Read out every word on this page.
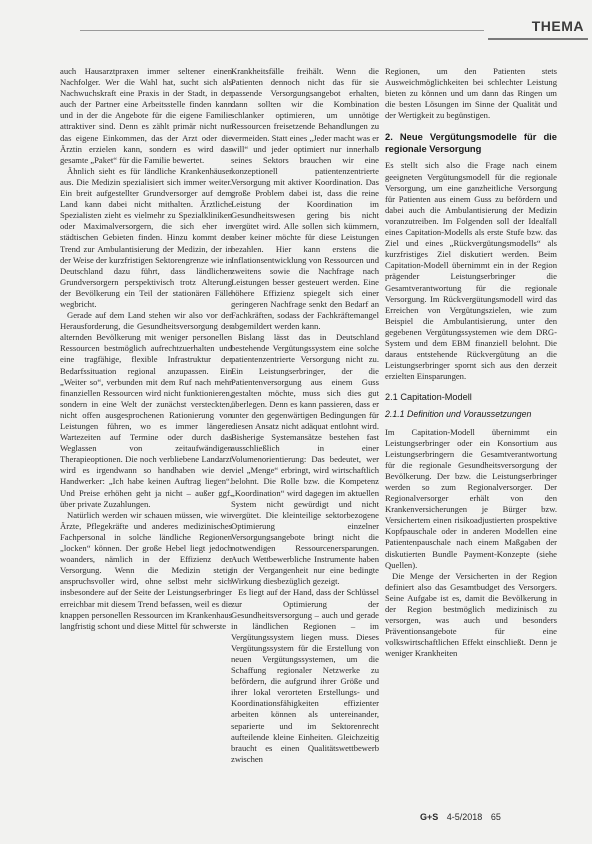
THEMA

auch Hausarztpraxen immer seltener einen Nachfolger. Wer die Wahl hat, sucht sich als Nachwuchskraft eine Praxis in der Stadt, in der auch der Partner eine Arbeitsstelle finden kann und in der die Angebote für die eigene Familie attraktiver sind. Denn es zählt primär nicht nur das eigene Einkommen, das der Arzt oder die Ärztin erzielen kann, sondern es wird das gesamte „Paket“ für die Familie bewertet.

Ähnlich sieht es für ländliche Krankenhäuser aus. Die Medizin spezialisiert sich immer weiter. Ein breit aufgestellter Grundversorger auf dem Land kann dabei nicht mithalten. Ärztliche Spezialisten zieht es vielmehr zu Spezialkliniken oder Maximalversorgern, die sich eher in städtischen Gebieten finden. Hinzu kommt der Trend zur Ambulantisierung der Medizin, der in der Weise der kurzfristigen Sektorengrenze wie in Deutschland dazu führt, dass ländlichen Grundversorgern perspektivisch trotz Alterung der Bevölkerung ein Teil der stationären Fälle wegbricht.

Gerade auf dem Land stehen wir also vor der Herausforderung, die Gesundheitsversorgung der alternden Bevölkerung mit weniger personellen Ressourcen bestmöglich aufrechtzuerhalten und eine tragfähige, flexible Infrastruktur der Bedarfssituation regional anzupassen. Ein „Weiter so“, verbunden mit dem Ruf nach mehr finanziellen Ressourcen wird nicht funktionieren, sondern in eine Welt der zunächst versteckten, nicht offen ausgesprochenen Rationierung von Leistungen führen, wo es immer längere Wartezeiten auf Termine oder durch das Weglassen von zeitaufwändigen Therapieoptionen. Die noch verbliebene Landarzt wird es irgendwann so handhaben wie der Handwerker: „Ich habe keinen Auftrag liegen“. Und Preise erhöhen geht ja nicht – außer ggf. über private Zuzahlungen.

Natürlich werden wir schauen müssen, wie wir Ärzte, Pflegekräfte und anderes medizinisches Fachpersonal in solche ländliche Regionen „locken“ können. Der große Hebel liegt jedoch woanders, nämlich in der Effizienz der Versorgung. Wenn die Medizin stetig anspruchsvoller wird, ohne selbst mehr sich insbesondere auf der Seite der Leistungserbringer erreichbar mit diesem Trend befassen, weil es die knappen personellen Ressourcen im Krankenhaus langfristig schont und diese Mittel für schwerste

Krankheitsfälle freihält. Wenn die Patienten dennoch nicht das für sie passende Versorgungsangebot erhalten, dann sollten wir die Kombination schlanker optimieren, um unnötige Ressourcen freisetzende Behandlungen zu vermeiden. Statt eines „Jeder macht was er will“ und jeder optimiert nur innerhalb seines Sektors brauchen wir eine konzeptionell patientenzentrierte Versorgung mit aktiver Koordination. Das große Problem dabei ist, dass die reine Leistung der Koordination im Gesundheitswesen gering bis nicht vergütet wird. Alle sollen sich kümmern, aber keiner möchte für diese Leistungen bezahlen. Hier kann erstens die Inflationsentwicklung von Ressourcen und zweitens sowie die Nachfrage nach Leistungen besser gesteuert werden. Eine höhere Effizienz spiegelt sich einer geringeren Nachfrage senkt den Bedarf an Fachkräften, sodass der Fachkräftemangel abgemildert werden kann.

Bislang lässt das in Deutschland bestehende Vergütungssystem eine solche patientenzentrierte Versorgung nicht zu. Ein Leistungserbringer, der die Patientenversorgung aus einem Guss gestalten möchte, muss sich dies gut überlegen. Denn es kann passieren, dass er unter den gegenwärtigen Bedingungen für diesen Ansatz nicht adäquat entlohnt wird. Bisherige Systemansätze bestehen fast ausschließlich in einer Volumenorientierung: Das bedeutet, wer viel „Menge“ erbringt, wird wirtschaftlich belohnt. Die Rolle bzw. die Kompetenz „Koordination“ wird dagegen im aktuellen System nicht gewürdigt und nicht vergütet. Die kleinteilige sektorbezogene Optimierung einzelner Versorgungsangebote bringt nicht die notwendigen Ressourcenersparungen. Auch Wettbewerbliche Instrumente haben in der Vergangenheit nur eine bedingte Wirkung diesbezüglich gezeigt.

Es liegt auf der Hand, dass der Schlüssel zur Optimierung der Gesundheitsversorgung – auch und gerade in ländlichen Regionen – im Vergütungssystem liegen muss. Dieses Vergütungssystem für die Erstellung von neuen Vergütungssystemen, um die Schaffung regionaler Netzwerke zu befördern, die aufgrund ihrer Größe und ihrer lokal verorteten Erstellungs- und Koordinationsfähigkeiten effizienter arbeiten können als untereinander, separierte und im Sektorenrecht aufteilende kleine Einheiten. Gleichzeitig braucht es einen Qualitätswettbewerb zwischen

Regionen, um den Patienten stets Ausweichmöglichkeiten bei schlechter Leistung bieten zu können und um dann das Ringen um die besten Lösungen im Sinne der Qualität und der Wertigkeit zu begünstigen.

2. Neue Vergütungsmodelle für die regionale Versorgung

Es stellt sich also die Frage nach einem geeigneten Vergütungsmodell für die regionale Versorgung, um eine ganzheitliche Versorgung für Patienten aus einem Guss zu befördern und dabei auch die Ambulantisierung der Medizin voranzutreiben. Im Folgenden soll der Idealfall eines Capitation-Modells als erste Stufe bzw. das Ziel und eines „Rückvergütungsmodells“ als kurzfristiges Ziel diskutiert werden. Beim Capitation-Modell übernimmt ein in der Region prägender Leistungserbringer die Gesamtverantwortung für die regionale Versorgung. Im Rückvergütungsmodell wird das Erreichen von Vergütungszielen, wie zum Beispiel die Ambulantisierung, unter den gegebenen Vergütungssystemen wie dem DRG-System und dem EBM finanziell belohnt. Die daraus entstehende Rückvergütung an die Leistungserbringer spornt sich aus den derzeit erzielten Einsparungen.

2.1 Capitation-Modell
2.1.1 Definition und Voraussetzungen

Im Capitation-Modell übernimmt ein Leistungserbringer oder ein Konsortium aus Leistungserbringern die Gesamtverantwortung für die regionale Gesundheitsversorgung der Bevölkerung. Der bzw. die Leistungserbringer werden so zum Regionalversorger. Der Regionalversorger erhält von den Krankenversicherungen je Bürger bzw. Versichertem einen risikoadjustierten prospektive Kopfpauschale oder in anderen Modellen eine Patientenpauschale nach einem Maßgaben der diskutierten Bundle Payment-Konzepte (siehe Quellen).

Die Menge der Versicherten in der Region definiert also das Gesamtbudget des Versorgers. Seine Aufgabe ist es, damit die Bevölkerung in der Region bestmöglich medizinisch zu versorgen, was auch und besonders Präventionsangebote für eine volkswirtschaftlichen Effekt einschließt. Denn je weniger Krankheiten

G+S 4-5/2018 65
